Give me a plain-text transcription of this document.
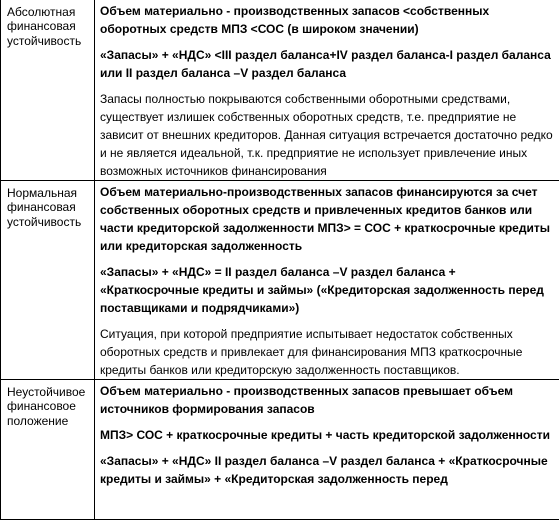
Абсолютная финансовая устойчивость	Объем материально - производственных запасов <собственных оборотных средств МПЗ <СОС (в широком значении)

«Запасы» + «НДС» <III раздел баланса+IV раздел баланса-I раздел баланса или II раздел баланса –V раздел баланса

Запасы полностью покрываются собственными оборотными средствами, существует излишек собственных оборотных средств, т.е. предприятие не зависит от внешних кредиторов. Данная ситуация встречается достаточно редко и не является идеальной, т.к. предприятие не использует привлечение иных возможных источников финансирования

Нормальная финансовая устойчивость	Объем материально-производственных запасов финансируются за счет собственных оборотных средств и привлеченных кредитов банков или части кредиторской задолженности МПЗ> = СОС + краткосрочные кредиты или кредиторская задолженность

«Запасы» + «НДС» = II раздел баланса –V раздел баланса + «Краткосрочные кредиты и займы» («Кредиторская задолженность перед поставщиками и подрядчиками»)

Ситуация, при которой предприятие испытывает недостаток собственных оборотных средств и привлекает для финансирования МПЗ краткосрочные кредиты банков или кредиторскую задолженность поставщиков.

Неустойчивое финансовое положение	Объем материально - производственных запасов превышает объем источников формирования запасов

МПЗ> СОС + краткосрочные кредиты + часть кредиторской задолженности

«Запасы» + «НДС» II раздел баланса –V раздел баланса + «Краткосрочные кредиты и займы» + «Кредиторская задолженность перед
